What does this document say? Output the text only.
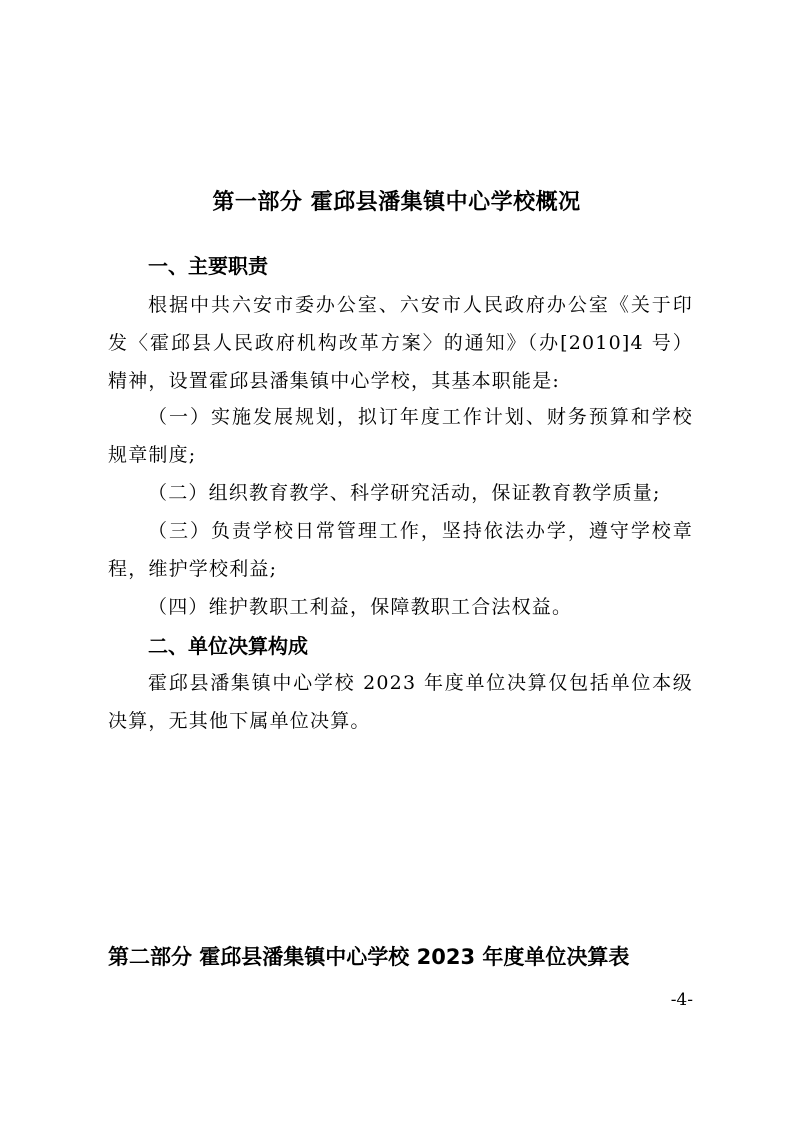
第一部分 霍邱县潘集镇中心学校概况
一、主要职责
根据中共六安市委办公室、六安市人民政府办公室《关于印发〈霍邱县人民政府机构改革方案〉的通知》（办[2010]4 号）精神，设置霍邱县潘集镇中心学校，其基本职能是:
（一）实施发展规划，拟订年度工作计划、财务预算和学校规章制度;
（二）组织教育教学、科学研究活动，保证教育教学质量;
（三）负责学校日常管理工作，坚持依法办学，遵守学校章程，维护学校利益;
（四）维护教职工利益，保障教职工合法权益。
二、单位决算构成
霍邱县潘集镇中心学校 2023 年度单位决算仅包括单位本级决算，无其他下属单位决算。
第二部分 霍邱县潘集镇中心学校 2023 年度单位决算表
-4-
